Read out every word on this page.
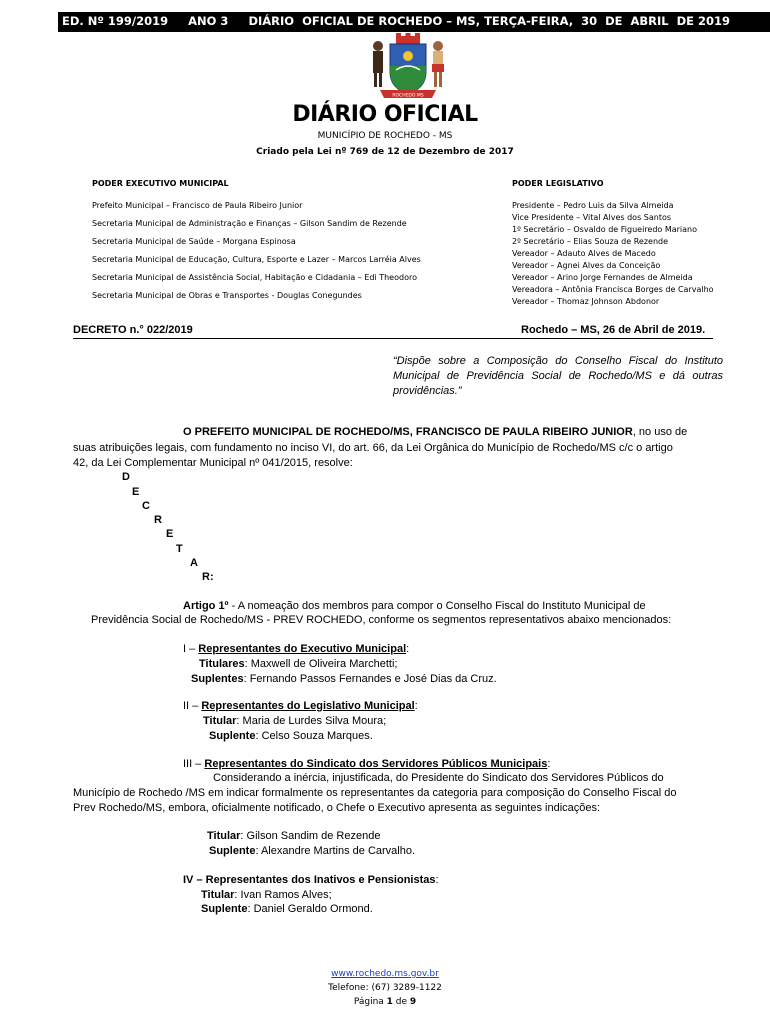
ED. Nº 199/2019     ANO 3     DIÁRIO  OFICIAL DE ROCHEDO – MS, TERÇA-FEIRA,  30  DE  ABRIL  DE 2019
ROCHEDO MS
DIÁRIO OFICIAL
MUNICÍPIO DE ROCHEDO - MS
Criado pela Lei nº 769 de 12 de Dezembro de 2017
PODER EXECUTIVO MUNICIPAL
Prefeito Municipal – Francisco de Paula Ribeiro Junior
Secretaria Municipal de Administração e Finanças – Gilson Sandim de Rezende
Secretaria Municipal de Saúde – Morgana Espinosa
Secretaria Municipal de Educação, Cultura, Esporte e Lazer – Marcos Larréia Alves
Secretaria Municipal de Assistência Social, Habitação e Cidadania – Edi Theodoro
Secretaria Municipal de Obras e Transportes - Douglas Conegundes
PODER LEGISLATIVO
Presidente – Pedro Luis da Silva Almeida
Vice Presidente – Vital Alves dos Santos
1º Secretário – Osvaldo de Figueiredo Mariano
2º Secretário – Elias Souza de Rezende
Vereador – Adauto Alves de Macedo
Vereador – Agnei Alves da Conceição
Vereador – Arino Jorge Fernandes de Almeida
Vereadora – Antônia Francisca Borges de Carvalho
Vereador – Thomaz Johnson Abdonor
DECRETO n.° 022/2019	Rochedo – MS, 26 de Abril de 2019.
“Dispõe sobre a Composição do Conselho Fiscal do Instituto Municipal de Previdência Social de Rochedo/MS e dá outras providências.”
O PREFEITO MUNICIPAL DE ROCHEDO/MS, FRANCISCO DE PAULA RIBEIRO JUNIOR, no uso de
suas atribuições legais, com fundamento no inciso VI, do art. 66, da Lei Orgânica do Município de Rochedo/MS c/c o artigo
42, da Lei Complementar Municipal nº 041/2015, resolve:
D
E
C
R
E
T
A
R:
Artigo 1º - A nomeação dos membros para compor o Conselho Fiscal do Instituto Municipal de
Previdência Social de Rochedo/MS - PREV ROCHEDO, conforme os segmentos representativos abaixo mencionados:
I – Representantes do Executivo Municipal:
Titulares: Maxwell de Oliveira Marchetti;
Suplentes: Fernando Passos Fernandes e José Dias da Cruz.
II – Representantes do Legislativo Municipal:
Titular: Maria de Lurdes Silva Moura;
Suplente: Celso Souza Marques.
III – Representantes do Sindicato dos Servidores Públicos Municipais:
Considerando a inércia, injustificada, do Presidente do Sindicato dos Servidores Públicos do
Município de Rochedo /MS em indicar formalmente os representantes da categoria para composição do Conselho Fiscal do
Prev Rochedo/MS, embora, oficialmente notificado, o Chefe o Executivo apresenta as seguintes indicações:
Titular: Gilson Sandim de Rezende
Suplente: Alexandre Martins de Carvalho.
IV – Representantes dos Inativos e Pensionistas:
Titular: Ivan Ramos Alves;
Suplente: Daniel Geraldo Ormond.
www.rochedo.ms.gov.br
Telefone: (67) 3289-1122
Página 1 de 9
